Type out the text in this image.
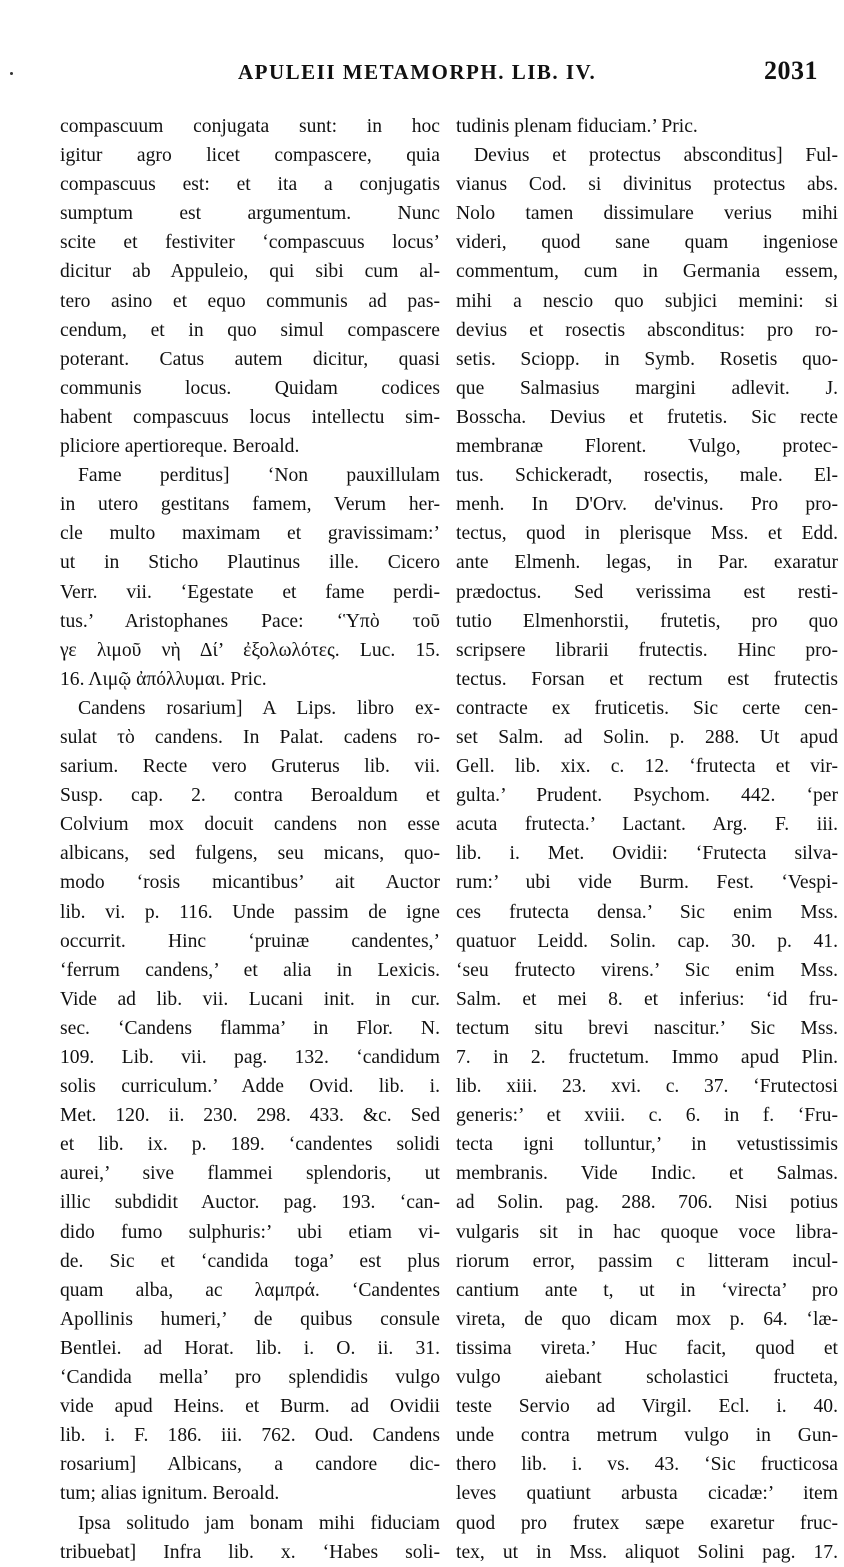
APULEII METAMORPH. LIB. IV.	2031
compascuum conjugata sunt: in hoc
igitur agro licet compascere, quia
compascuus est: et ita a conjugatis
sumptum est argumentum. Nunc
scite et festiviter ‘compascuus locus’
dicitur ab Appuleio, qui sibi cum al-
tero asino et equo communis ad pas-
cendum, et in quo simul compascere
poterant. Catus autem dicitur, quasi
communis locus. Quidam codices
habent compascuus locus intellectu sim-
pliciore apertioreque. Beroald.
Fame perditus] ‘Non pauxillulam
in utero gestitans famem, Verum her-
cle multo maximam et gravissimam:’
ut in Sticho Plautinus ille. Cicero
Verr. vii. ‘Egestate et fame perdi-
tus.’ Aristophanes Pace: ‘Ὑπὸ τοῦ
γε λιμοῦ νὴ Δί’ ἐξολωλότες. Luc. 15.
16. Λιμῷ ἀπόλλυμαι. Pric.
Candens rosarium] A Lips. libro ex-
sulat τὸ candens. In Palat. cadens ro-
sarium. Recte vero Gruterus lib. vii.
Susp. cap. 2. contra Beroaldum et
Colvium mox docuit candens non esse
albicans, sed fulgens, seu micans, quo-
modo ‘rosis micantibus’ ait Auctor
lib. vi. p. 116. Unde passim de igne
occurrit. Hinc ‘pruinæ candentes,’
‘ferrum candens,’ et alia in Lexicis.
Vide ad lib. vii. Lucani init. in cur.
sec. ‘Candens flamma’ in Flor. N.
109. Lib. vii. pag. 132. ‘candidum
solis curriculum.’ Adde Ovid. lib. i.
Met. 120. ii. 230. 298. 433. &c. Sed
et lib. ix. p. 189. ‘candentes solidi
aurei,’ sive flammei splendoris, ut
illic subdidit Auctor. pag. 193. ‘can-
dido fumo sulphuris:’ ubi etiam vi-
de. Sic et ‘candida toga’ est plus
quam alba, ac λαμπρά. ‘Candentes
Apollinis humeri,’ de quibus consule
Bentlei. ad Horat. lib. i. O. ii. 31.
‘Candida mella’ pro splendidis vulgo
vide apud Heins. et Burm. ad Ovidii
lib. i. F. 186. iii. 762. Oud. Candens
rosarium] Albicans, a candore dic-
tum; alias ignitum. Beroald.
Ipsa solitudo jam bonam mihi fiduciam
tribuebat] Infra lib. x. ‘Habes soli-
tudinis plenam fiduciam.’ Pric.
Devius et protectus absconditus] Ful-
vianus Cod. si divinitus protectus abs.
Nolo tamen dissimulare verius mihi
videri, quod sane quam ingeniose
commentum, cum in Germania essem,
mihi a nescio quo subjici memini: si
devius et rosectis absconditus: pro ro-
setis. Sciopp. in Symb. Rosetis quo-
que Salmasius margini adlevit. J.
Bosscha. Devius et frutetis. Sic recte
membranæ Florent. Vulgo, protec-
tus. Schickeradt, rosectis, male. El-
menh. In D'Orv. de'vinus. Pro pro-
tectus, quod in plerisque Mss. et Edd.
ante Elmenh. legas, in Par. exaratur
prædoctus. Sed verissima est resti-
tutio Elmenhorstii, frutetis, pro quo
scripsere librarii frutectis. Hinc pro-
tectus. Forsan et rectum est frutectis
contracte ex fruticetis. Sic certe cen-
set Salm. ad Solin. p. 288. Ut apud
Gell. lib. xix. c. 12. ‘frutecta et vir-
gulta.’ Prudent. Psychom. 442. ‘per
acuta frutecta.’ Lactant. Arg. F. iii.
lib. i. Met. Ovidii: ‘Frutecta silva-
rum:’ ubi vide Burm. Fest. ‘Vespi-
ces frutecta densa.’ Sic enim Mss.
quatuor Leidd. Solin. cap. 30. p. 41.
‘seu frutecto virens.’ Sic enim Mss.
Salm. et mei 8. et inferius: ‘id fru-
tectum situ brevi nascitur.’ Sic Mss.
7. in 2. fructetum. Immo apud Plin.
lib. xiii. 23. xvi. c. 37. ‘Frutectosi
generis:’ et xviii. c. 6. in f. ‘Fru-
tecta igni tolluntur,’ in vetustissimis
membranis. Vide Indic. et Salmas.
ad Solin. pag. 288. 706. Nisi potius
vulgaris sit in hac quoque voce libra-
riorum error, passim c litteram incul-
cantium ante t, ut in ‘virecta’ pro
vireta, de quo dicam mox p. 64. ‘læ-
tissima vireta.’ Huc facit, quod et
vulgo aiebant scholastici fructeta,
teste Servio ad Virgil. Ecl. i. 40.
unde contra metrum vulgo in Gun-
thero lib. i. vs. 43. ‘Sic fructicosa
leves quatiunt arbusta cicadæ:’ item
quod pro frutex sæpe exaretur fruc-
tex, ut in Mss. aliquot Solini pag. 17.
